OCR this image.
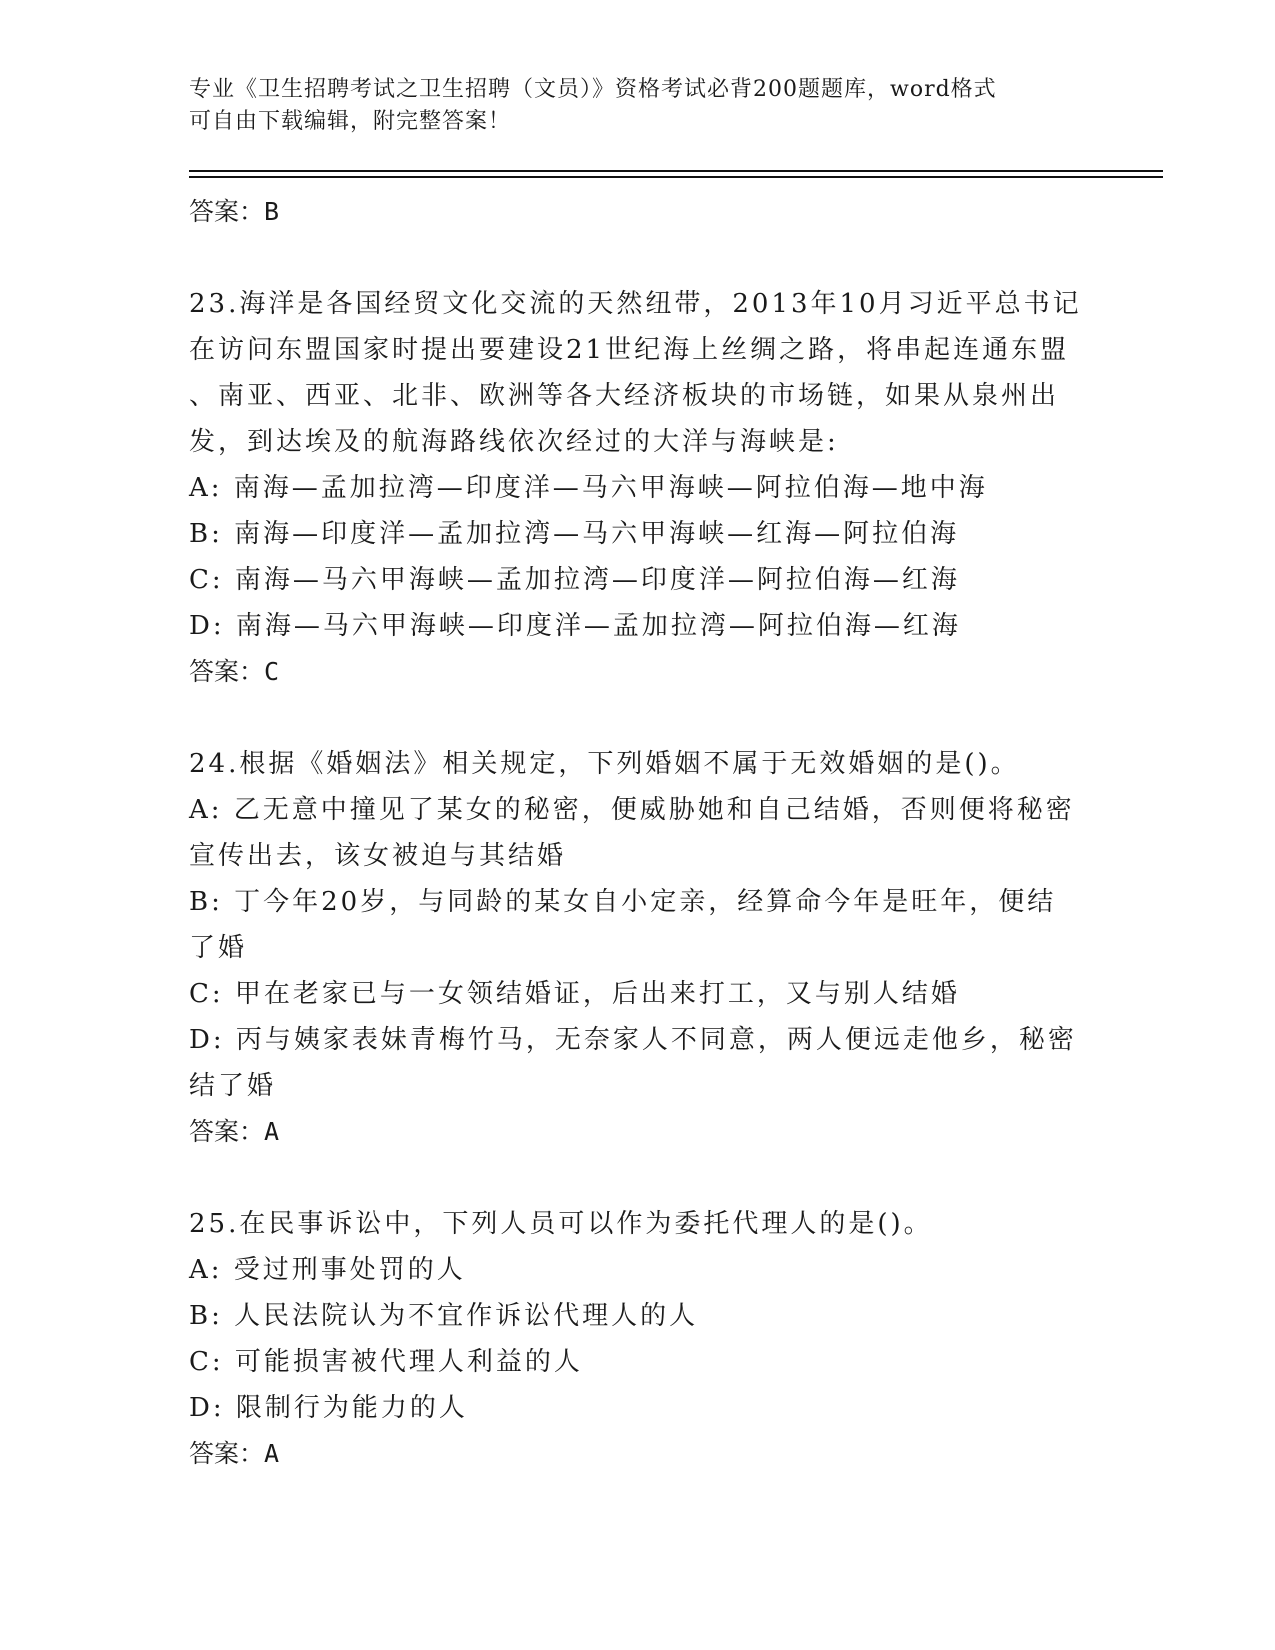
专业《卫生招聘考试之卫生招聘（文员）》资格考试必背200题题库，word格式
可自由下载编辑，附完整答案！
答案：B
23.海洋是各国经贸文化交流的天然纽带，2013年10月习近平总书记
在访问东盟国家时提出要建设21世纪海上丝绸之路，将串起连通东盟
、南亚、西亚、北非、欧洲等各大经济板块的市场链，如果从泉州出
发，到达埃及的航海路线依次经过的大洋与海峡是:
A: 南海—孟加拉湾—印度洋—马六甲海峡—阿拉伯海—地中海
B: 南海—印度洋—孟加拉湾—马六甲海峡—红海—阿拉伯海
C: 南海—马六甲海峡—孟加拉湾—印度洋—阿拉伯海—红海
D: 南海—马六甲海峡—印度洋—孟加拉湾—阿拉伯海—红海
答案：C
24.根据《婚姻法》相关规定，下列婚姻不属于无效婚姻的是()。
A: 乙无意中撞见了某女的秘密，便威胁她和自己结婚，否则便将秘密
宣传出去，该女被迫与其结婚
B: 丁今年20岁，与同龄的某女自小定亲，经算命今年是旺年，便结
了婚
C: 甲在老家已与一女领结婚证，后出来打工，又与别人结婚
D: 丙与姨家表妹青梅竹马，无奈家人不同意，两人便远走他乡，秘密
结了婚
答案：A
25.在民事诉讼中，下列人员可以作为委托代理人的是()。
A: 受过刑事处罚的人
B: 人民法院认为不宜作诉讼代理人的人
C: 可能损害被代理人利益的人
D: 限制行为能力的人
答案：A
